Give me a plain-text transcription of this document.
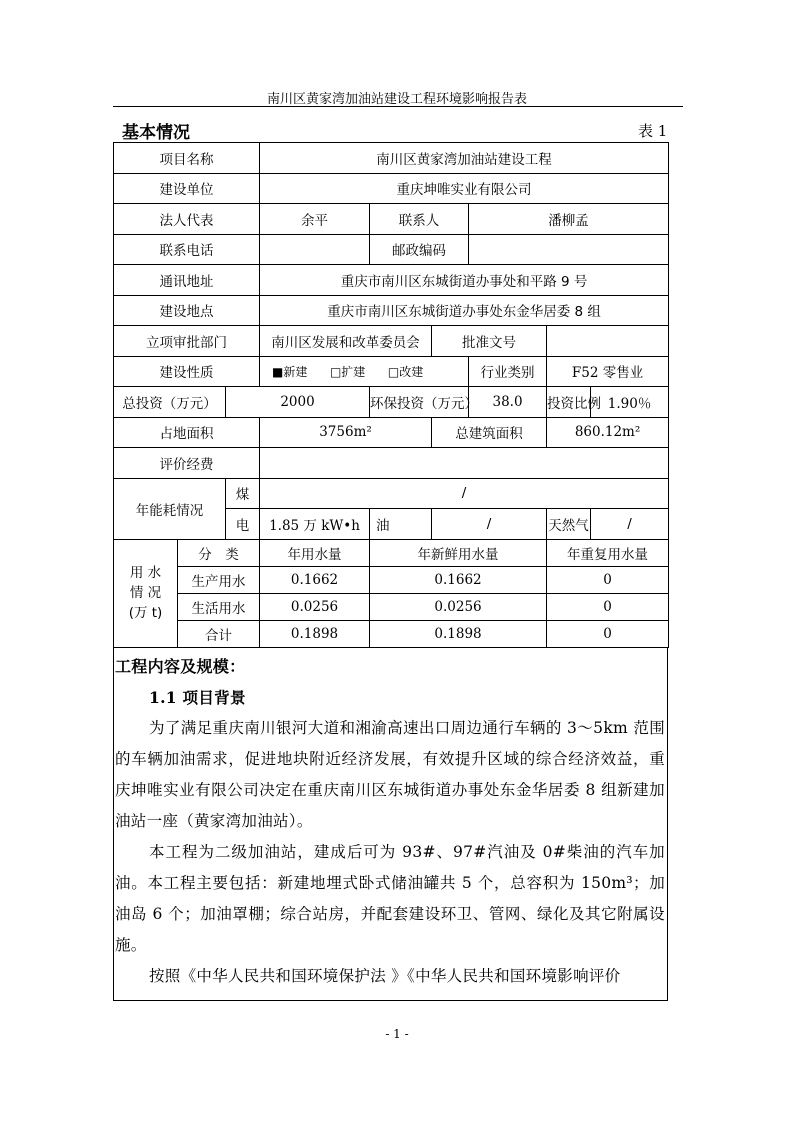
南川区黄家湾加油站建设工程环境影响报告表
基本情况	表 1
项目名称			南川区黄家湾加油站建设工程					
建设单位			重庆坤唯实业有限公司					
法人代表			余平	联系人		潘柳孟		
联系电话				邮政编码				
通讯地址			重庆市南川区东城街道办事处和平路 9 号					
建设地点			重庆市南川区东城街道办事处东金华居委 8 组					
立项审批部门			南川区发展和改革委员会		批准文号			
建设性质			■新建 □扩建 □改建			行业类别	F52 零售业	
总投资（万元）		2000		环保投资（万元）		38.0	投资比例	1.90％
占地面积			3756m²		总建筑面积		860.12m²	
评价经费								
年能耗情况		煤	/					
		电	1.85 万 kW•h	油	/		天然气	/
用 水 情 况 (万 t)	分　类		年用水量	年新鲜用水量			年重复用水量	
	生产用水		0.1662	0.1662			0	
	生活用水		0.0256	0.0256			0	
	合计		0.1898	0.1898			0	
工程内容及规模：
1.1 项目背景

为了满足重庆南川银河大道和湘渝高速出口周边通行车辆的 3～5km 范围的车辆加油需求，促进地块附近经济发展，有效提升区域的综合经济效益，重庆坤唯实业有限公司决定在重庆南川区东城街道办事处东金华居委 8 组新建加油站一座（黄家湾加油站）。

本工程为二级加油站，建成后可为 93#、97#汽油及 0#柴油的汽车加油。本工程主要包括：新建地埋式卧式储油罐共 5 个，总容积为 150m³；加油岛 6 个；加油罩棚；综合站房，并配套建设环卫、管网、绿化及其它附属设施。

按照《中华人民共和国环境保护法 》《中华人民共和国环境影响评价

- 1 -
